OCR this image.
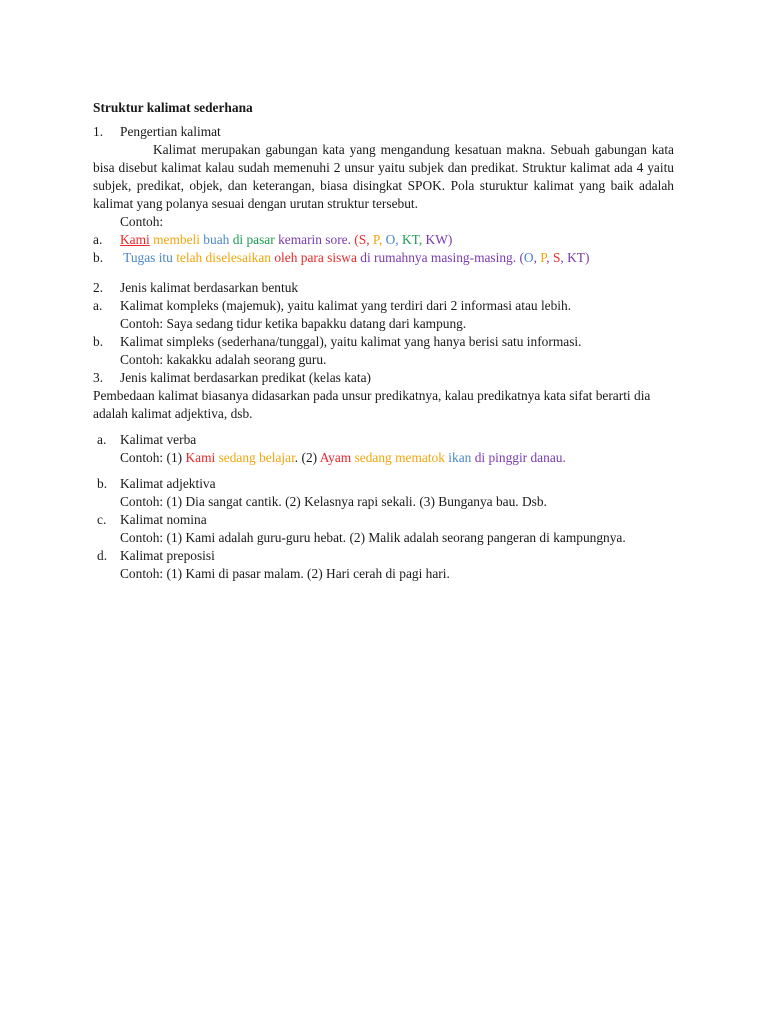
Struktur kalimat sederhana
1. Pengertian kalimat
Kalimat merupakan gabungan kata yang mengandung kesatuan makna. Sebuah gabungan kata bisa disebut kalimat kalau sudah memenuhi 2 unsur yaitu subjek dan predikat. Struktur kalimat ada 4 yaitu subjek, predikat, objek, dan keterangan, biasa disingkat SPOK. Pola sturuktur kalimat yang baik adalah kalimat yang polanya sesuai dengan urutan struktur tersebut.
Contoh:
a. Kami membeli buah di pasar kemarin sore. (S, P, O, KT, KW)
b. Tugas itu telah diselesaikan oleh para siswa di rumahnya masing-masing. (O, P, S, KT)
2. Jenis kalimat berdasarkan bentuk
a. Kalimat kompleks (majemuk), yaitu kalimat yang terdiri dari 2 informasi atau lebih.
Contoh: Saya sedang tidur ketika bapakku datang dari kampung.
b. Kalimat simpleks (sederhana/tunggal), yaitu kalimat yang hanya berisi satu informasi.
Contoh: kakakku adalah seorang guru.
3. Jenis kalimat berdasarkan predikat (kelas kata)
Pembedaan kalimat biasanya didasarkan pada unsur predikatnya, kalau predikatnya kata sifat berarti dia adalah kalimat adjektiva, dsb.
a. Kalimat verba
Contoh: (1) Kami sedang belajar. (2) Ayam sedang mematok ikan di pinggir danau.
b. Kalimat adjektiva
Contoh: (1) Dia sangat cantik. (2) Kelasnya rapi sekali. (3) Bunganya bau. Dsb.
c. Kalimat nomina
Contoh: (1) Kami adalah guru-guru hebat. (2) Malik adalah seorang pangeran di kampungnya.
d. Kalimat preposisi
Contoh: (1) Kami di pasar malam. (2) Hari cerah di pagi hari.
